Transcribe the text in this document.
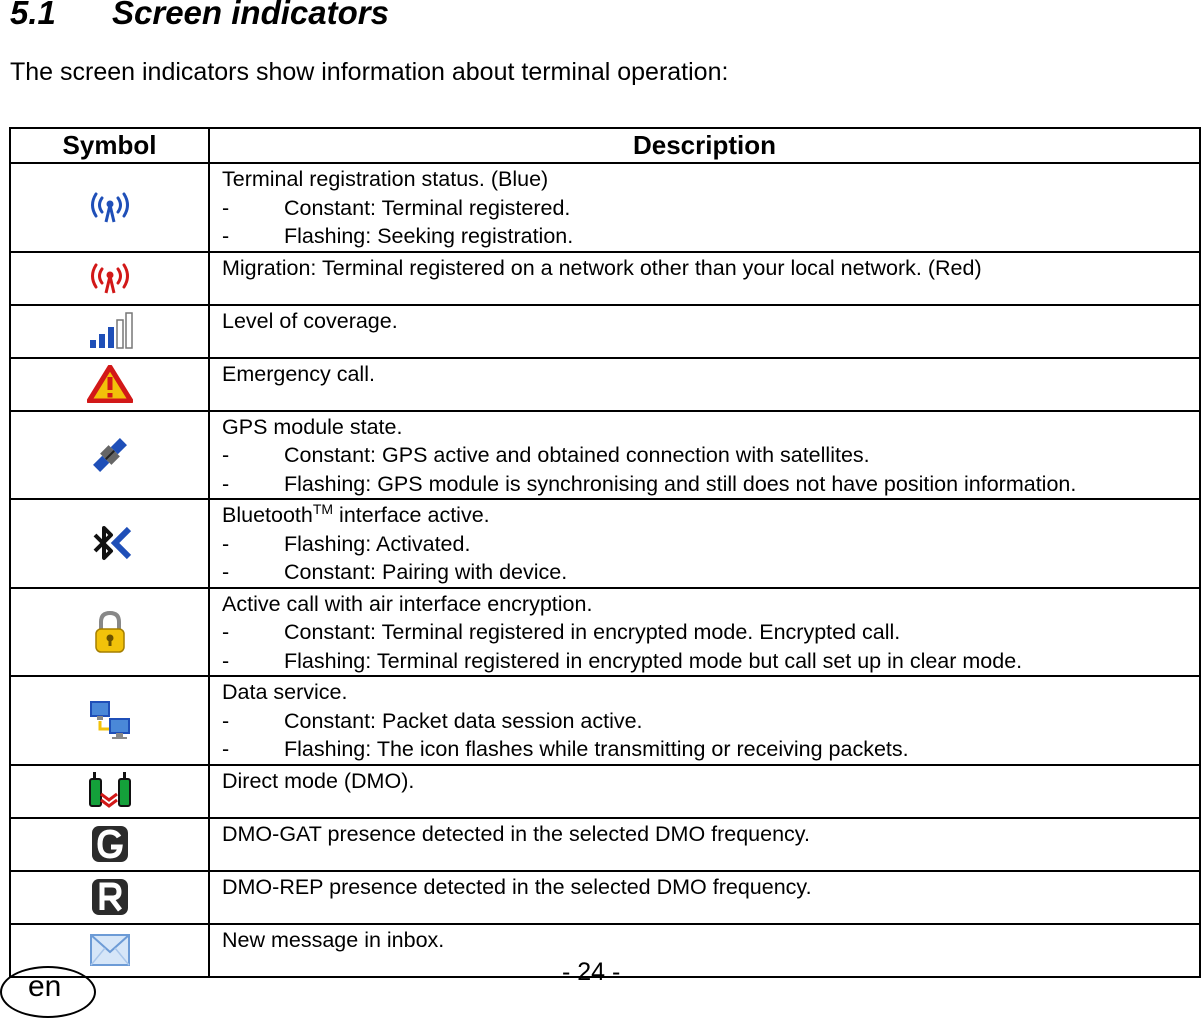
5.1 Screen indicators

The screen indicators show information about terminal operation:

Symbol	Description

Terminal registration status. (Blue)
- Constant: Terminal registered.
- Flashing: Seeking registration.

Migration: Terminal registered on a network other than your local network. (Red)

Level of coverage.

Emergency call.

GPS module state.
- Constant: GPS active and obtained connection with satellites.
- Flashing: GPS module is synchronising and still does not have position information.

Bluetooth™ interface active.
- Flashing: Activated.
- Constant: Pairing with device.

Active call with air interface encryption.
- Constant: Terminal registered in encrypted mode. Encrypted call.
- Flashing: Terminal registered in encrypted mode but call set up in clear mode.

Data service.
- Constant: Packet data session active.
- Flashing: The icon flashes while transmitting or receiving packets.

Direct mode (DMO).

DMO-GAT presence detected in the selected DMO frequency.

DMO-REP presence detected in the selected DMO frequency.

New message in inbox.
- 24 -
en
